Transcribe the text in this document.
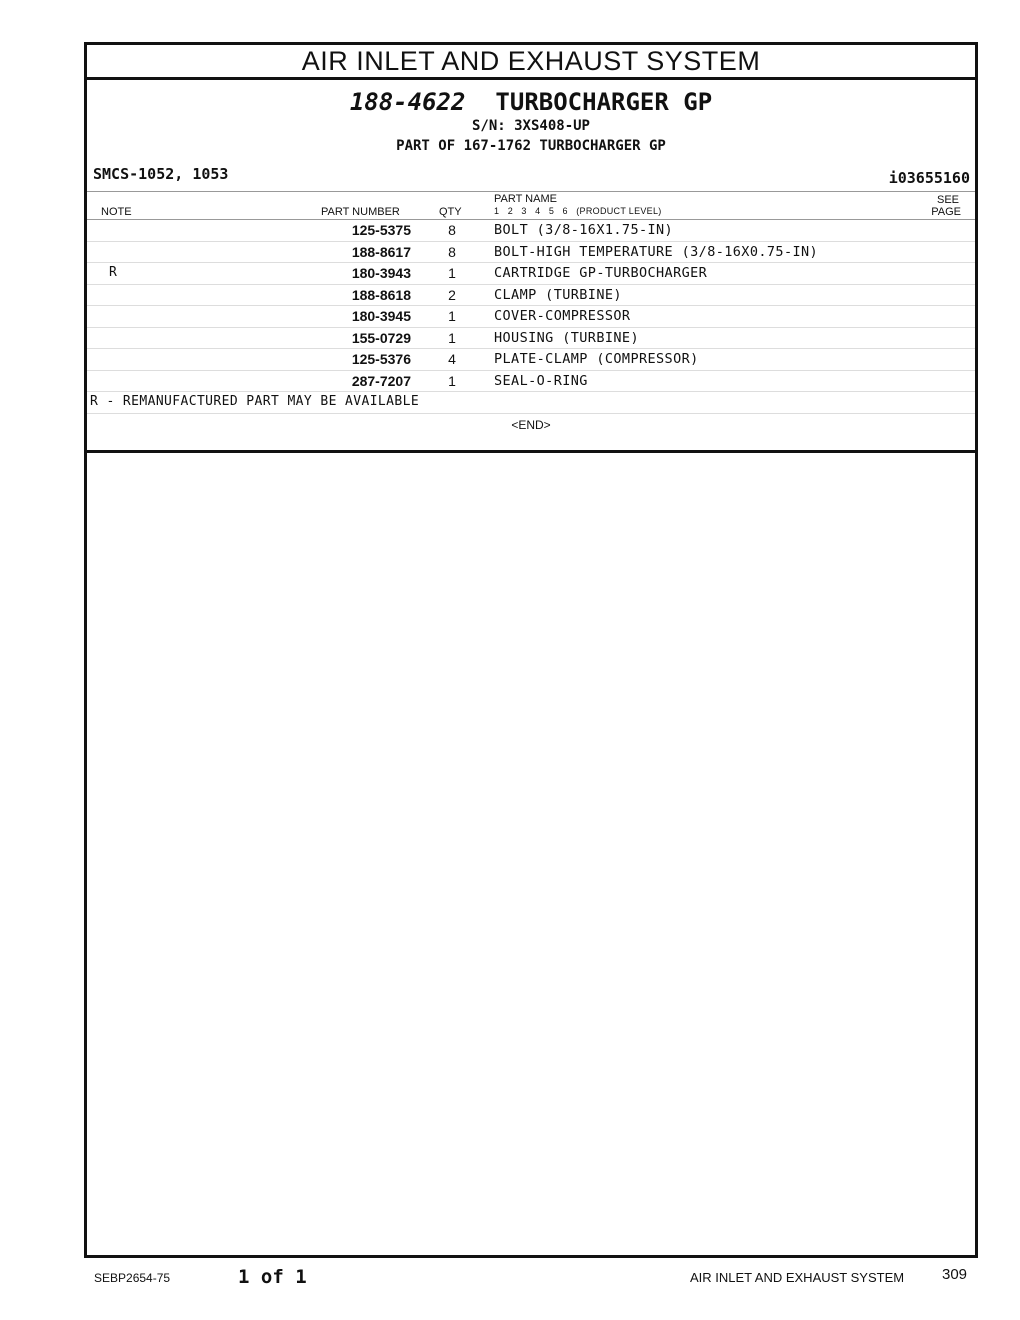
AIR INLET AND EXHAUST SYSTEM
188-4622 TURBOCHARGER GP
S/N: 3XS408-UP
PART OF 167-1762 TURBOCHARGER GP
SMCS-1052, 1053	i03655160
NOTE	PART NUMBER	QTY
PART NAME
1   2   3   4   5   6   (PRODUCT LEVEL)
SEE
PAGE
125-5375	8	BOLT (3/8-16X1.75-IN)
188-8617	8	BOLT-HIGH TEMPERATURE (3/8-16X0.75-IN)
R	180-3943	1	CARTRIDGE GP-TURBOCHARGER
188-8618	2	CLAMP (TURBINE)
180-3945	1	COVER-COMPRESSOR
155-0729	1	HOUSING (TURBINE)
125-5376	4	PLATE-CLAMP (COMPRESSOR)
287-7207	1	SEAL-O-RING
R - REMANUFACTURED PART MAY BE AVAILABLE
<END>
SEBP2654-75	1 of 1	AIR INLET AND EXHAUST SYSTEM	309
